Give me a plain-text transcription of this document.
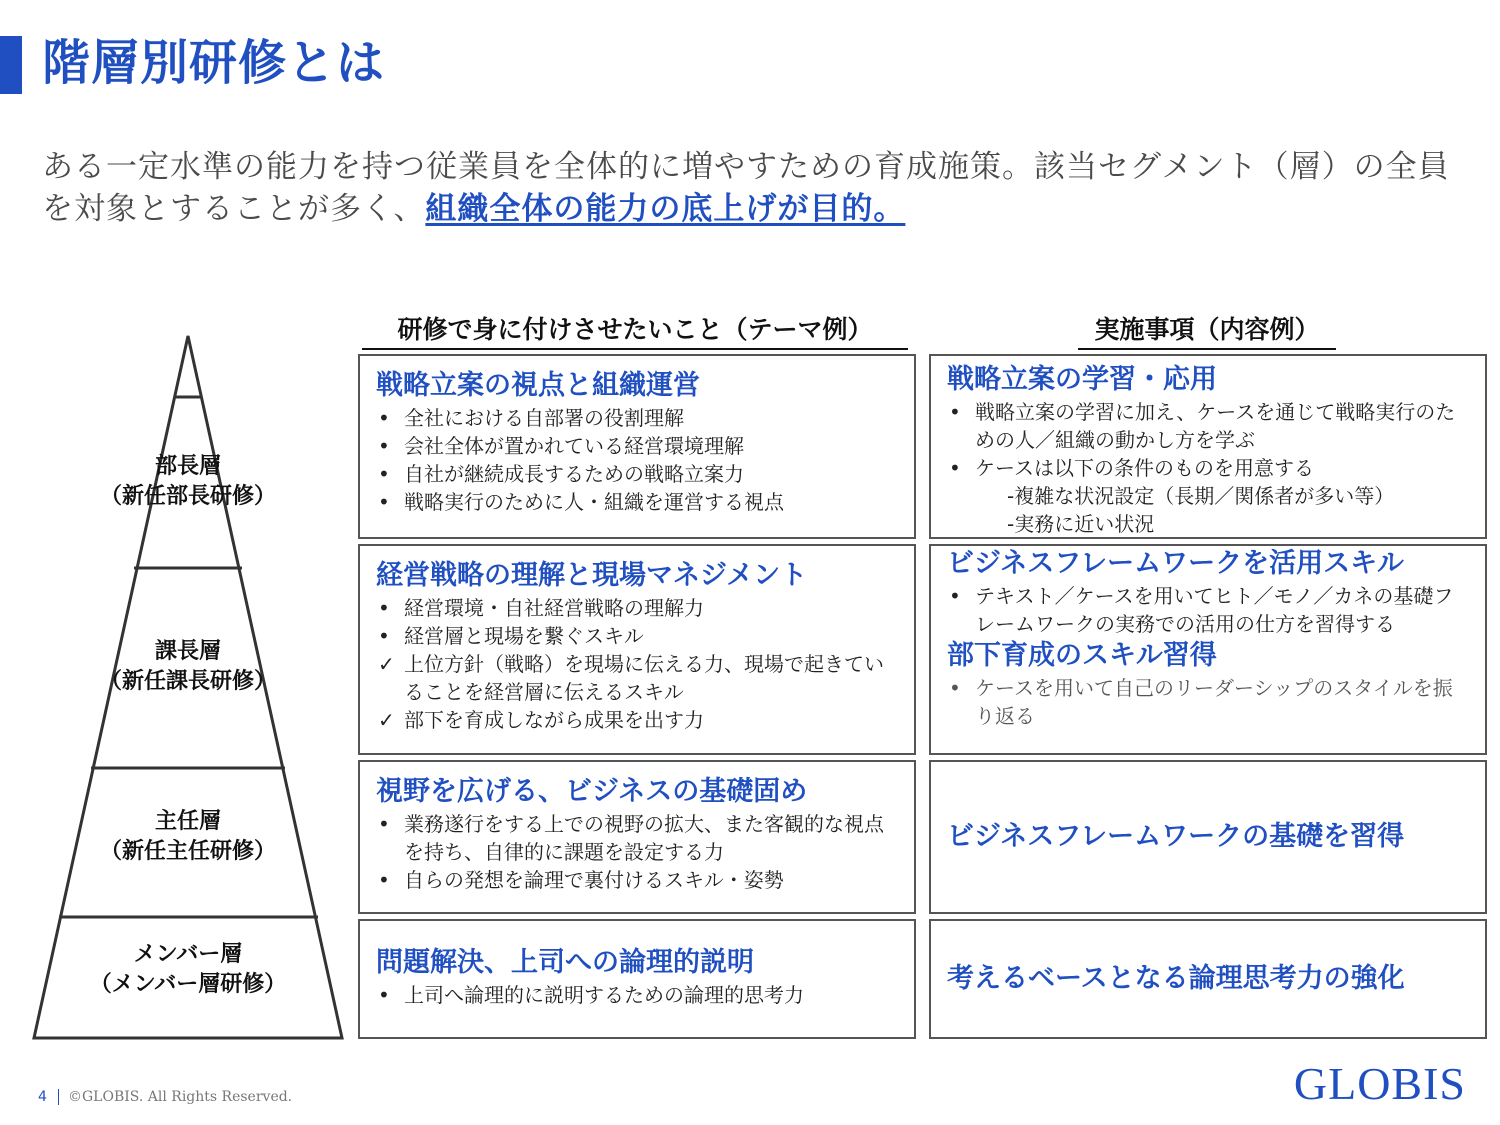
階層別研修とは
ある一定水準の能力を持つ従業員を全体的に増やすための育成施策。該当セグメント（層）の全員を対象とすることが多く、組織全体の能力の底上げが目的。
研修で身に付けさせたいこと（テーマ例）	実施事項（内容例）
部長層
（新任部長研修）
課長層
（新任課長研修）
主任層
（新任主任研修）
メンバー層
（メンバー層研修）
戦略立案の視点と組織運営
• 全社における自部署の役割理解
• 会社全体が置かれている経営環境理解
• 自社が継続成長するための戦略立案力
• 戦略実行のために人・組織を運営する視点
経営戦略の理解と現場マネジメント
• 経営環境・自社経営戦略の理解力
• 経営層と現場を繋ぐスキル
✓ 上位方針（戦略）を現場に伝える力、現場で起きていることを経営層に伝えるスキル
✓ 部下を育成しながら成果を出す力
視野を広げる、ビジネスの基礎固め
• 業務遂行をする上での視野の拡大、また客観的な視点を持ち、自律的に課題を設定する力
• 自らの発想を論理で裏付けるスキル・姿勢
問題解決、上司への論理的説明
• 上司へ論理的に説明するための論理的思考力
戦略立案の学習・応用
• 戦略立案の学習に加え、ケースを通じて戦略実行のための人／組織の動かし方を学ぶ
• ケースは以下の条件のものを用意する
-複雑な状況設定（長期／関係者が多い等）
-実務に近い状況
ビジネスフレームワークを活用スキル
• テキスト／ケースを用いてヒト／モノ／カネの基礎フレームワークの実務での活用の仕方を習得する
部下育成のスキル習得
• ケースを用いて自己のリーダーシップのスタイルを振り返る
ビジネスフレームワークの基礎を習得
考えるベースとなる論理思考力の強化
4 ©GLOBIS. All Rights Reserved.	GLOBIS
